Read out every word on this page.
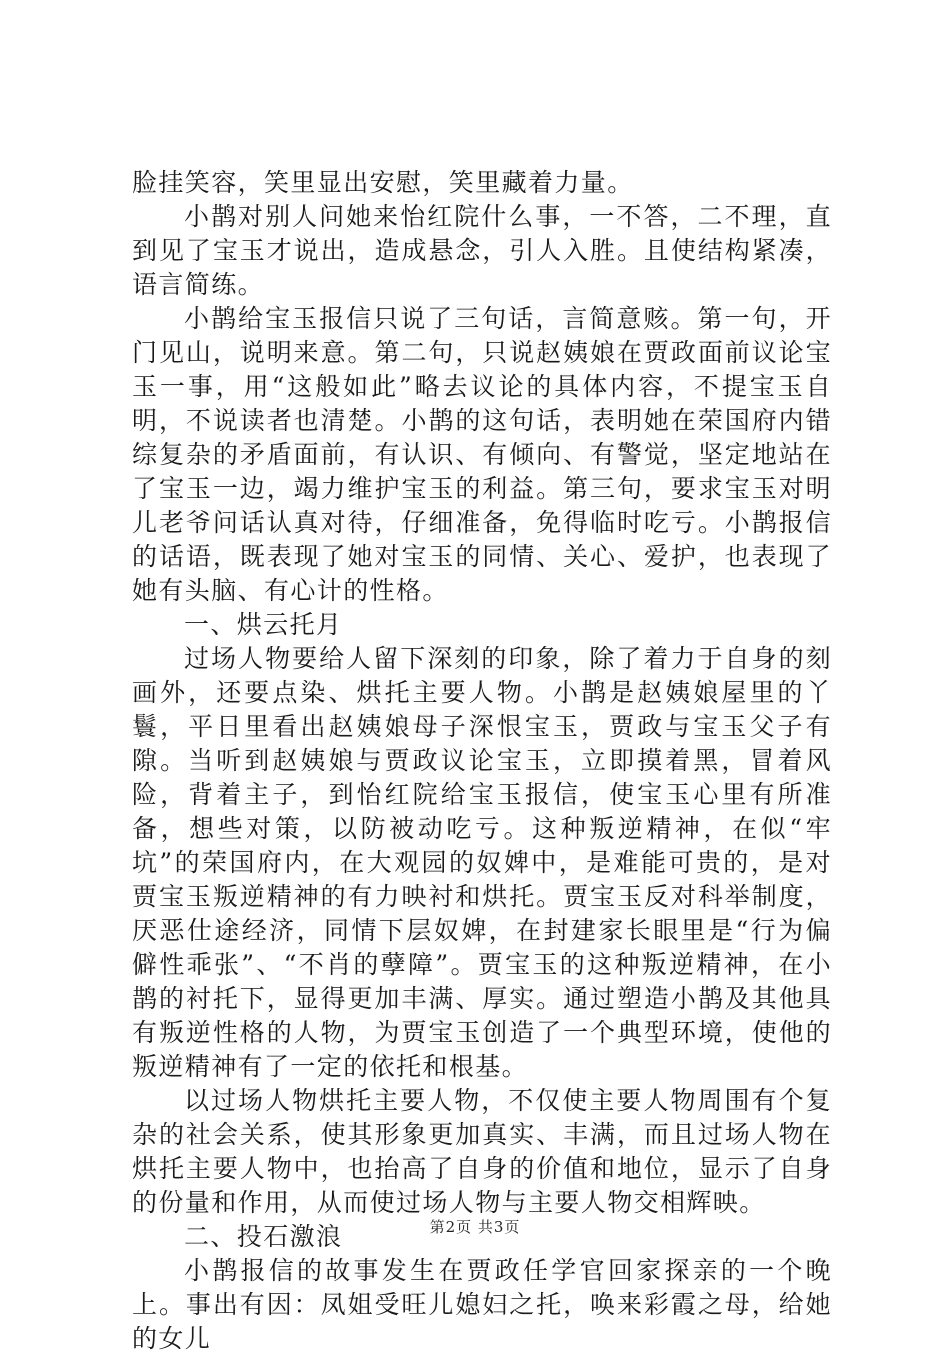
脸挂笑容，笑里显出安慰，笑里藏着力量。

小鹊对别人问她来怡红院什么事，一不答，二不理，直到见了宝玉才说出，造成悬念，引人入胜。且使结构紧凑，语言简练。

小鹊给宝玉报信只说了三句话，言简意赅。第一句，开门见山，说明来意。第二句，只说赵姨娘在贾政面前议论宝玉一事，用“这般如此”略去议论的具体内容，不提宝玉自明，不说读者也清楚。小鹊的这句话，表明她在荣国府内错综复杂的矛盾面前，有认识、有倾向、有警觉，坚定地站在了宝玉一边，竭力维护宝玉的利益。第三句，要求宝玉对明儿老爷问话认真对待，仔细准备，免得临时吃亏。小鹊报信的话语，既表现了她对宝玉的同情、关心、爱护，也表现了她有头脑、有心计的性格。

一、烘云托月

过场人物要给人留下深刻的印象，除了着力于自身的刻画外，还要点染、烘托主要人物。小鹊是赵姨娘屋里的丫鬟，平日里看出赵姨娘母子深恨宝玉，贾政与宝玉父子有隙。当听到赵姨娘与贾政议论宝玉，立即摸着黑，冒着风险，背着主子，到怡红院给宝玉报信，使宝玉心里有所准备，想些对策，以防被动吃亏。这种叛逆精神，在似“牢坑”的荣国府内，在大观园的奴婢中，是难能可贵的，是对贾宝玉叛逆精神的有力映衬和烘托。贾宝玉反对科举制度，厌恶仕途经济，同情下层奴婢，在封建家长眼里是“行为偏僻性乖张”、“不肖的孽障”。贾宝玉的这种叛逆精神，在小鹊的衬托下，显得更加丰满、厚实。通过塑造小鹊及其他具有叛逆性格的人物，为贾宝玉创造了一个典型环境，使他的叛逆精神有了一定的依托和根基。

以过场人物烘托主要人物，不仅使主要人物周围有个复杂的社会关系，使其形象更加真实、丰满，而且过场人物在烘托主要人物中，也抬高了自身的价值和地位，显示了自身的份量和作用，从而使过场人物与主要人物交相辉映。

二、投石激浪

小鹊报信的故事发生在贾政任学官回家探亲的一个晚上。事出有因：凤姐受旺儿媳妇之托，唤来彩霞之母，给她的女儿

第2页 共3页
